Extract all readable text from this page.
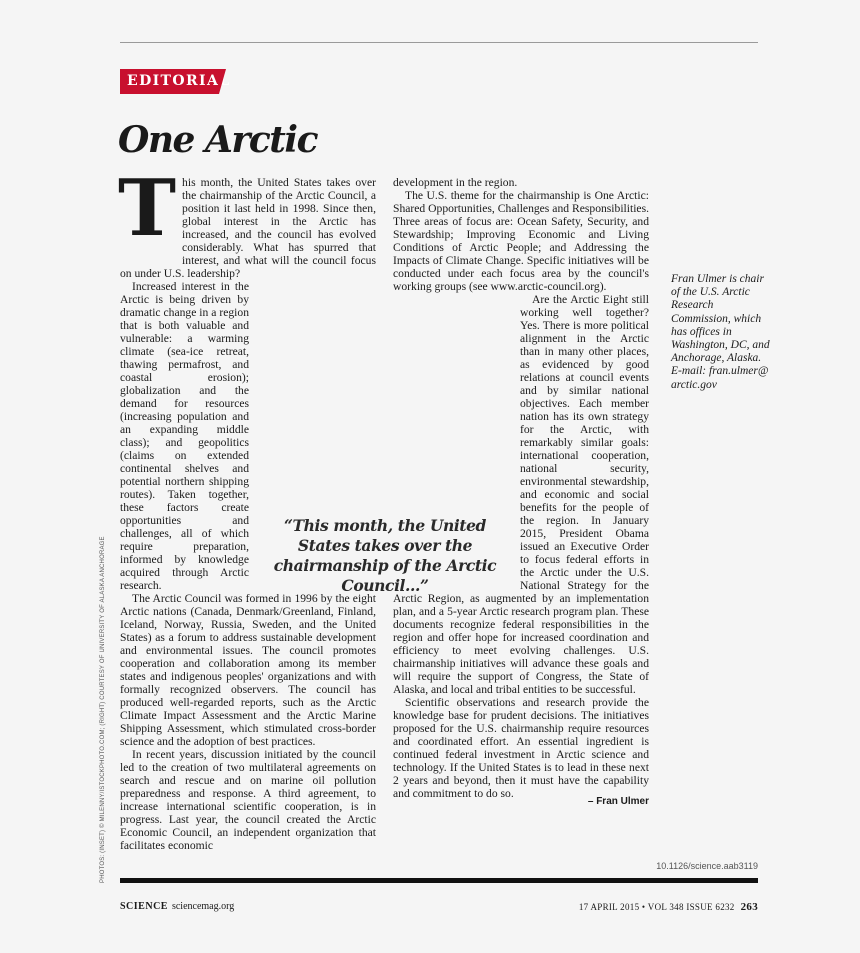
EDITORIAL
One Arctic

This month, the United States takes over the chairmanship of the Arctic Council, a position it last held in 1998. Since then, global interest in the Arctic has increased, and the council has evolved considerably. What has spurred that interest, and what will the council focus on under U.S. leadership?

Increased interest in the Arctic is being driven by dramatic change in a region that is both valuable and vulnerable: a warming climate (sea-ice retreat, thawing permafrost, and coastal erosion); globalization and the demand for resources (increasing population and an expanding middle class); and geopolitics (claims on extended continental shelves and potential northern shipping routes). Taken together, these factors create opportunities and challenges, all of which require preparation, informed by knowledge acquired through Arctic research.

The Arctic Council was formed in 1996 by the eight Arctic nations (Canada, Denmark/Greenland, Finland, Iceland, Norway, Russia, Sweden, and the United States) as a forum to address sustainable development and environmental issues. The council promotes cooperation and collaboration among its member states and indigenous peoples' organizations and with formally recognized observers. The council has produced well-regarded reports, such as the Arctic Climate Impact Assessment and the Arctic Marine Shipping Assessment, which stimulated cross-border science and the adoption of best practices.

In recent years, discussion initiated by the council led to the creation of two multilateral agreements on search and rescue and on marine oil pollution preparedness and response. A third agreement, to increase international scientific cooperation, is in progress. Last year, the council created the Arctic Economic Council, an independent organization that facilitates economic

development in the region.

The U.S. theme for the chairmanship is One Arctic: Shared Opportunities, Challenges and Responsibilities. Three areas of focus are: Ocean Safety, Security, and Stewardship; Improving Economic and Living Conditions of Arctic People; and Addressing the Impacts of Climate Change. Specific initiatives will be conducted under each focus area by the council's working groups (see www.arctic-council.org).

Are the Arctic Eight still working well together? Yes. There is more political alignment in the Arctic than in many other places, as evidenced by good relations at council events and by similar national objectives. Each member nation has its own strategy for the Arctic, with remarkably similar goals: international cooperation, national security, environmental stewardship, and economic and social benefits for the people of the region. In January 2015, President Obama issued an Executive Order to focus federal efforts in the Arctic under the U.S. National Strategy for the Arctic Region, as augmented by an implementation plan, and a 5-year Arctic research program plan. These documents recognize federal responsibilities in the region and offer hope for increased coordination and efficiency to meet evolving challenges. U.S. chairmanship initiatives will advance these goals and will require the support of Congress, the State of Alaska, and local and tribal entities to be successful.

Scientific observations and research provide the knowledge base for prudent decisions. The initiatives proposed for the U.S. chairmanship require resources and coordinated effort. An essential ingredient is continued federal investment in Arctic science and technology. If the United States is to lead in these next 2 years and beyond, then it must have the capability and commitment to do so.

“This month, the United States takes over the chairmanship of the Arctic Council...”
Fran Ulmer is chair of the U.S. Arctic Research Commission, which has offices in Washington, DC, and Anchorage, Alaska. E-mail: fran.ulmer@ arctic.gov
– Fran Ulmer
10.1126/science.aab3119
SCIENCE sciencemag.org	17 APRIL 2015 • VOL 348 ISSUE 6232 263
PHOTOS: (INSET) © MILENNY/ISTOCKPHOTO.COM; (RIGHT) COURTESY OF UNIVERSITY OF ALASKA ANCHORAGE
